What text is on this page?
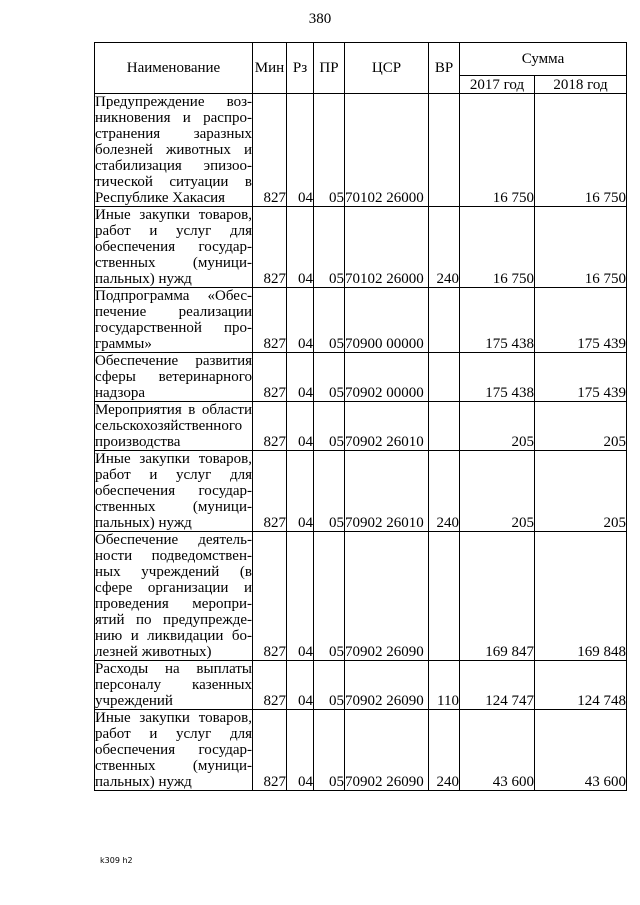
380
Наименование	Мин	Рз	ПР	ЦСР	ВР	Сумма	
						2017 год	2018 год
Предупреждение возникновения и распространения заразных болезней животных и стабилизация эпизоотической ситуации в Республике Хакасия	827	04	05	70102 26000		16 750	16 750
Иные закупки товаров, работ и услуг для обеспечения государственных (муниципальных) нужд	827	04	05	70102 26000	240	16 750	16 750
Подпрограмма «Обеспечение реализации государственной программы»	827	04	05	70900 00000		175 438	175 439
Обеспечение развития сферы ветеринарного надзора	827	04	05	70902 00000		175 438	175 439
Мероприятия в области сельскохозяйственного производства	827	04	05	70902 26010		205	205
Иные закупки товаров, работ и услуг для обеспечения государственных (муниципальных) нужд	827	04	05	70902 26010	240	205	205
Обеспечение деятельности подведомственных учреждений (в сфере организации и проведения мероприятий по предупреждению и ликвидации болезней животных)	827	04	05	70902 26090		169 847	169 848
Расходы на выплаты персоналу казенных учреждений	827	04	05	70902 26090	110	124 747	124 748
Иные закупки товаров, работ и услуг для обеспечения государственных (муниципальных) нужд	827	04	05	70902 26090	240	43 600	43 600
k309 h2
